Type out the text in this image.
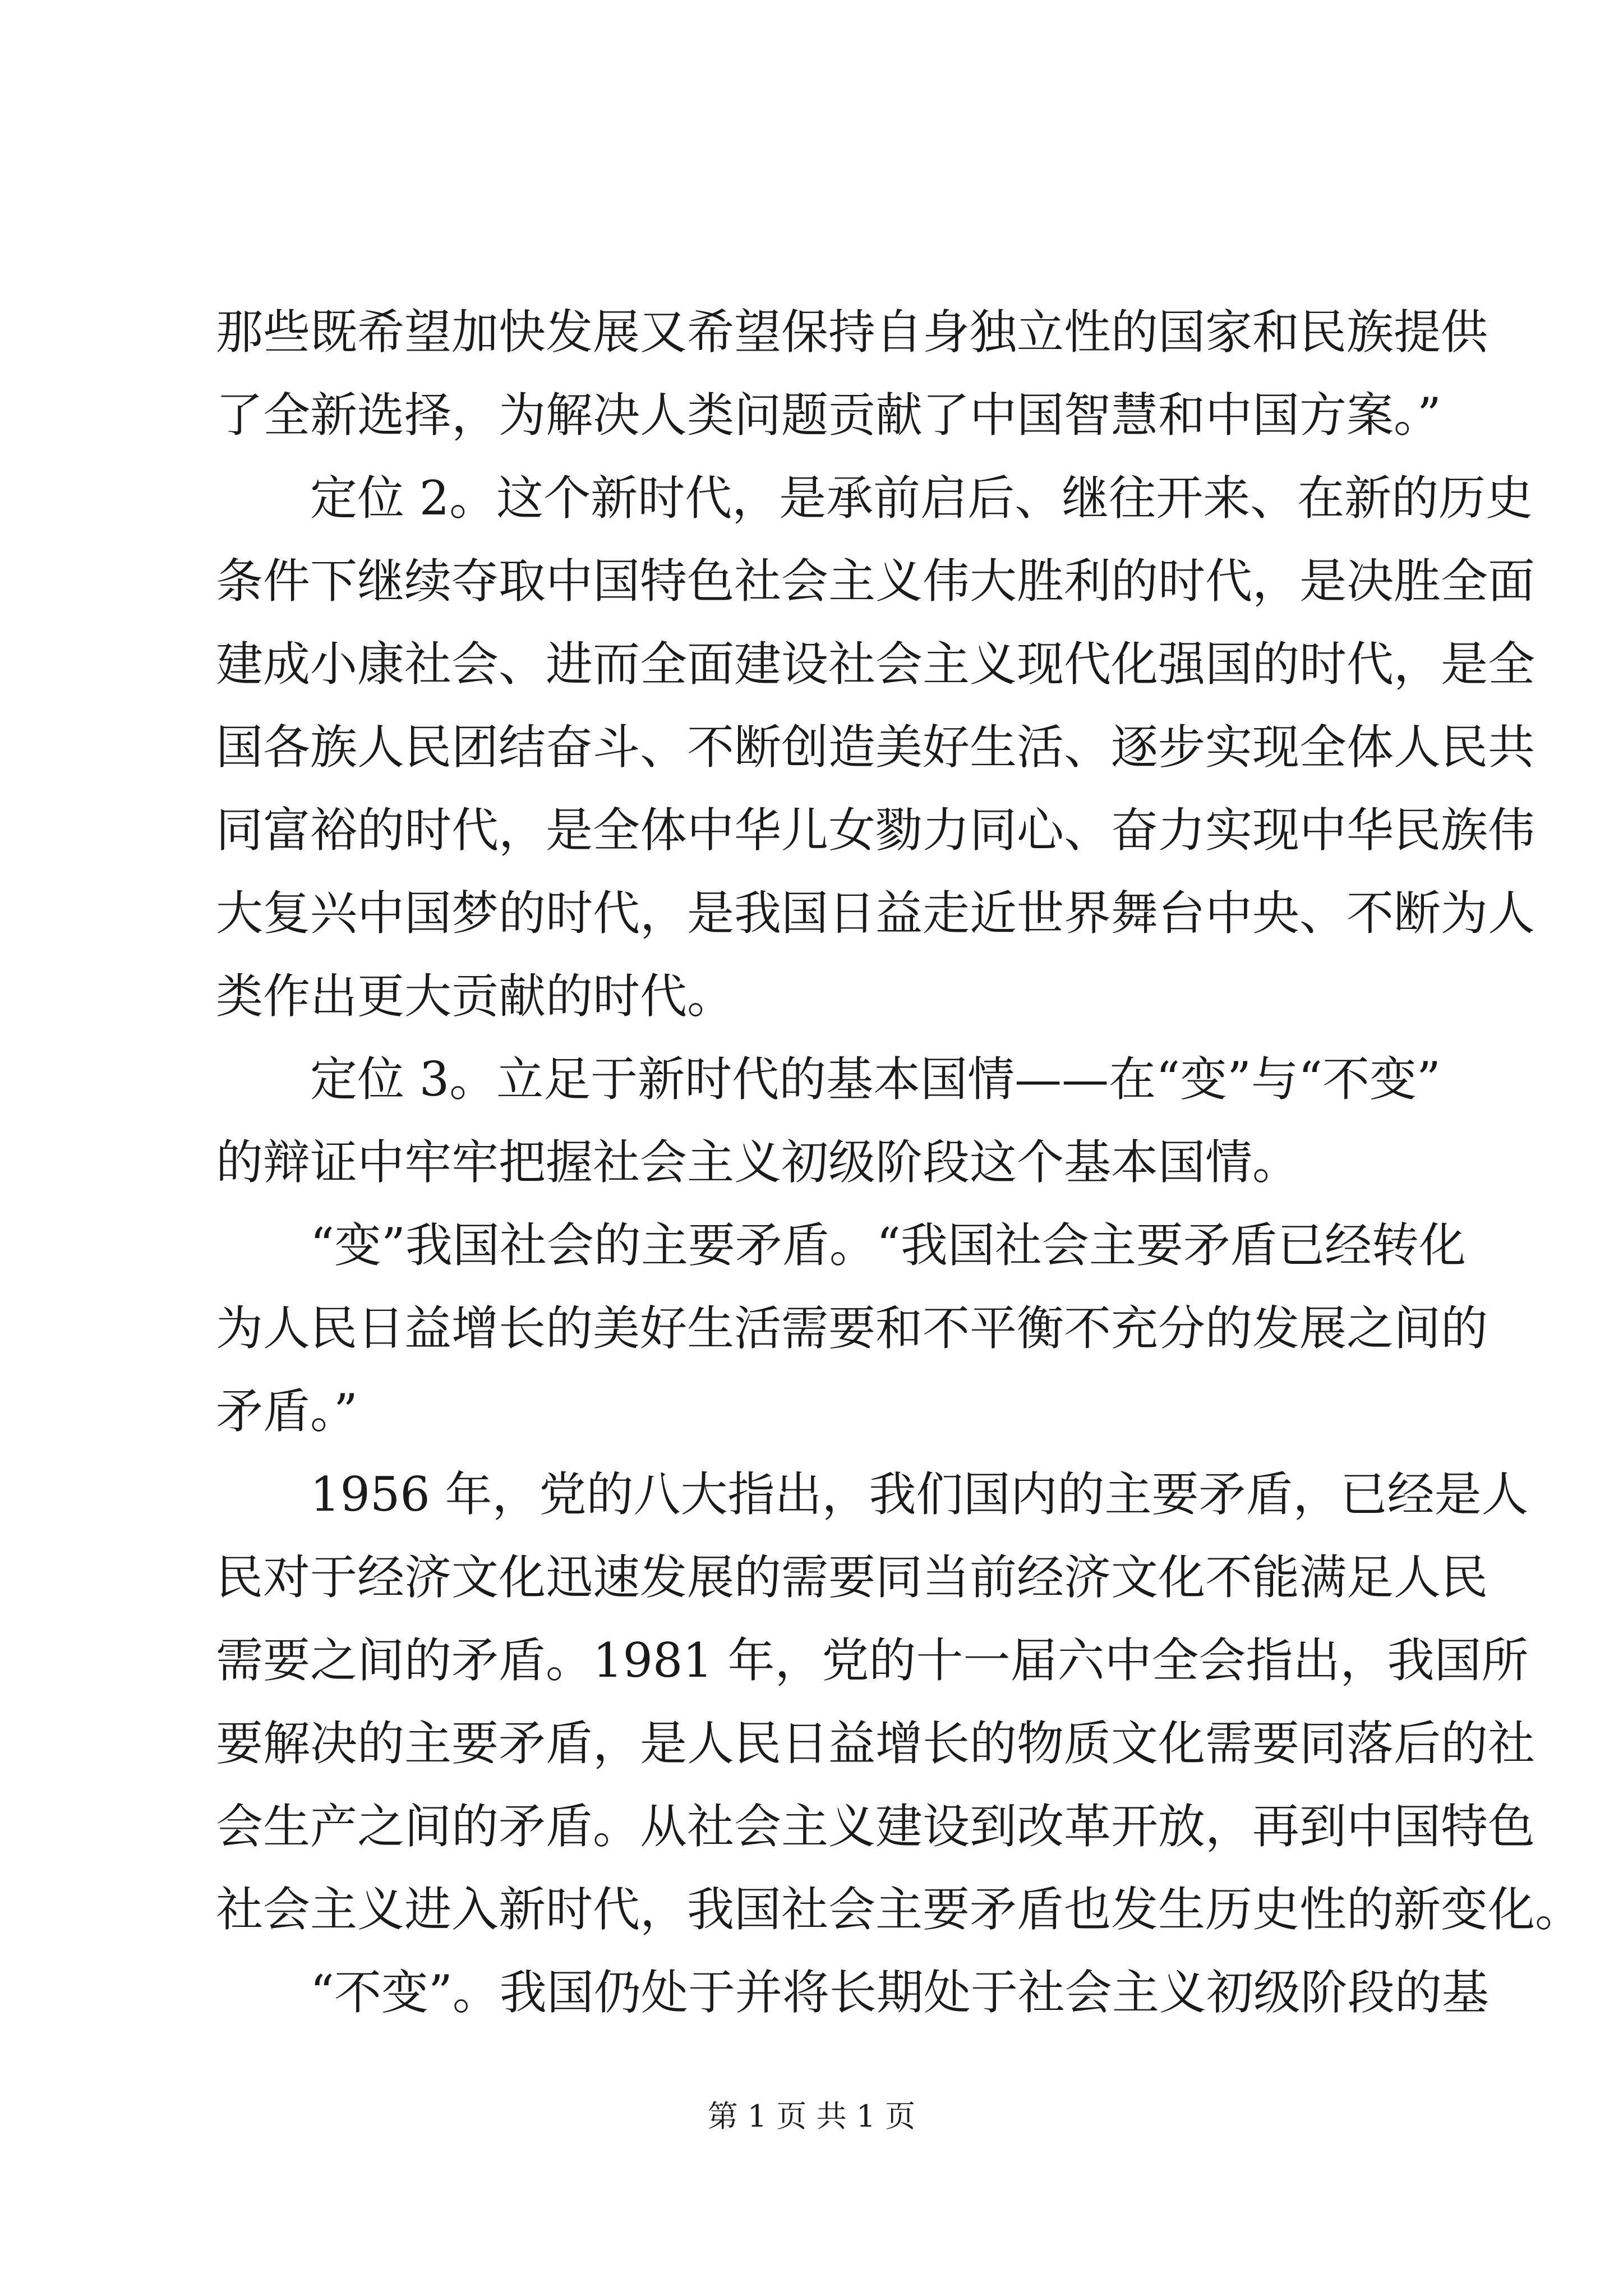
那些既希望加快发展又希望保持自身独立性的国家和民族提供
了全新选择，为解决人类问题贡献了中国智慧和中国方案。”
定位 2。这个新时代，是承前启后、继往开来、在新的历史
条件下继续夺取中国特色社会主义伟大胜利的时代，是决胜全面
建成小康社会、进而全面建设社会主义现代化强国的时代，是全
国各族人民团结奋斗、不断创造美好生活、逐步实现全体人民共
同富裕的时代，是全体中华儿女勠力同心、奋力实现中华民族伟
大复兴中国梦的时代，是我国日益走近世界舞台中央、不断为人
类作出更大贡献的时代。
定位 3。立足于新时代的基本国情——在“变”与“不变”
的辩证中牢牢把握社会主义初级阶段这个基本国情。
“变”我国社会的主要矛盾。“我国社会主要矛盾已经转化
为人民日益增长的美好生活需要和不平衡不充分的发展之间的
矛盾。”
1956 年，党的八大指出，我们国内的主要矛盾，已经是人
民对于经济文化迅速发展的需要同当前经济文化不能满足人民
需要之间的矛盾。1981 年，党的十一届六中全会指出，我国所
要解决的主要矛盾，是人民日益增长的物质文化需要同落后的社
会生产之间的矛盾。从社会主义建设到改革开放，再到中国特色
社会主义进入新时代，我国社会主要矛盾也发生历史性的新变化。
“不变”。我国仍处于并将长期处于社会主义初级阶段的基
第 1 页 共 1 页
